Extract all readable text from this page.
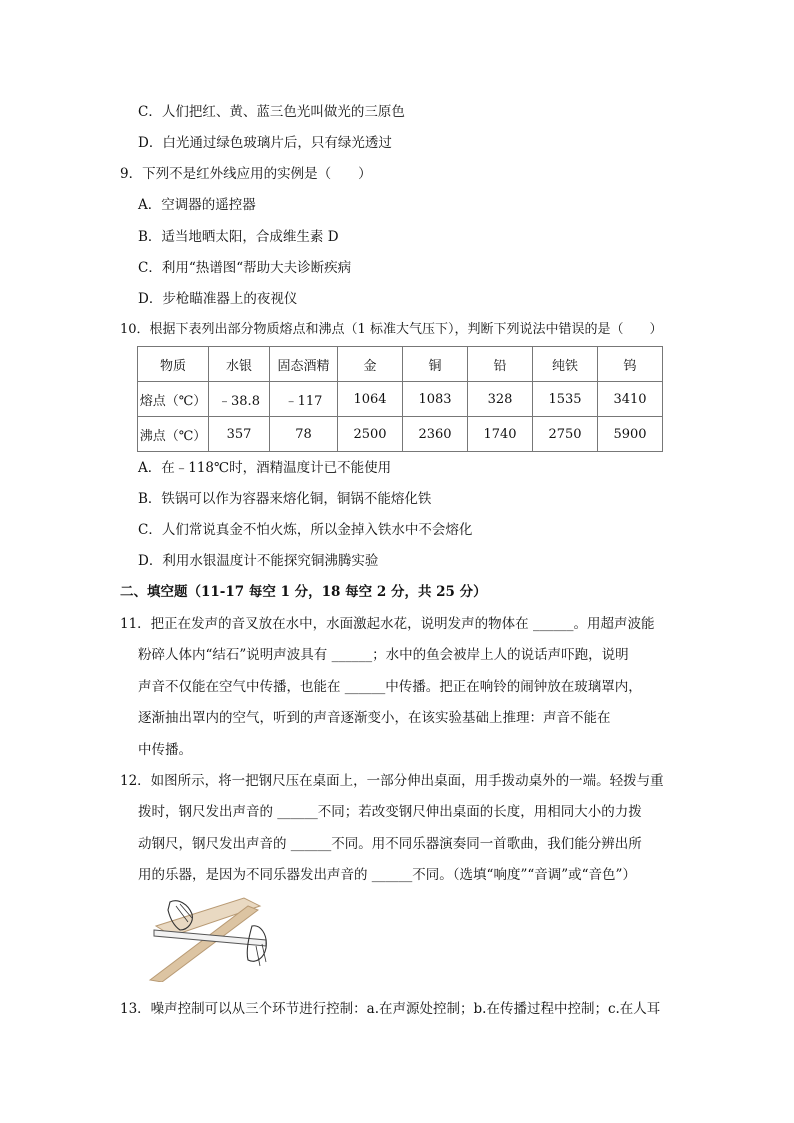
C．人们把红、黄、蓝三色光叫做光的三原色
D．白光通过绿色玻璃片后，只有绿光透过
9．下列不是红外线应用的实例是（　　）
A．空调器的遥控器
B．适当地晒太阳，合成维生素 D
C．利用“热谱图“帮助大夫诊断疾病
D．步枪瞄准器上的夜视仪
10．根据下表列出部分物质熔点和沸点（1 标准大气压下），判断下列说法中错误的是（　　）
物质	水银	固态酒精	金	铜	铅	纯铁	钨
熔点（℃）	﹣38.8	﹣117	1064	1083	328	1535	3410
沸点（℃）	357	78	2500	2360	1740	2750	5900
A．在﹣118℃时，酒精温度计已不能使用
B．铁锅可以作为容器来熔化铜，铜锅不能熔化铁
C．人们常说真金不怕火炼，所以金掉入铁水中不会熔化
D．利用水银温度计不能探究铜沸腾实验
二、填空题（11-17 每空 1 分，18 每空 2 分，共 25 分）
11．把正在发声的音叉放在水中，水面激起水花，说明发声的物体在 ______。用超声波能
粉碎人体内“结石”说明声波具有 ______；水中的鱼会被岸上人的说话声吓跑，说明
声音不仅能在空气中传播，也能在 ______中传播。把正在响铃的闹钟放在玻璃罩内，
逐渐抽出罩内的空气，听到的声音逐渐变小，在该实验基础上推理：声音不能在
中传播。
12．如图所示，将一把钢尺压在桌面上，一部分伸出桌面，用手拨动桌外的一端。轻拨与重
拨时，钢尺发出声音的 ______不同；若改变钢尺伸出桌面的长度，用相同大小的力拨
动钢尺，钢尺发出声音的 ______不同。用不同乐器演奏同一首歌曲，我们能分辨出所
用的乐器，是因为不同乐器发出声音的 ______不同。（选填“响度”“音调”或“音色”）
13．噪声控制可以从三个环节进行控制：a.在声源处控制；b.在传播过程中控制；c.在人耳
